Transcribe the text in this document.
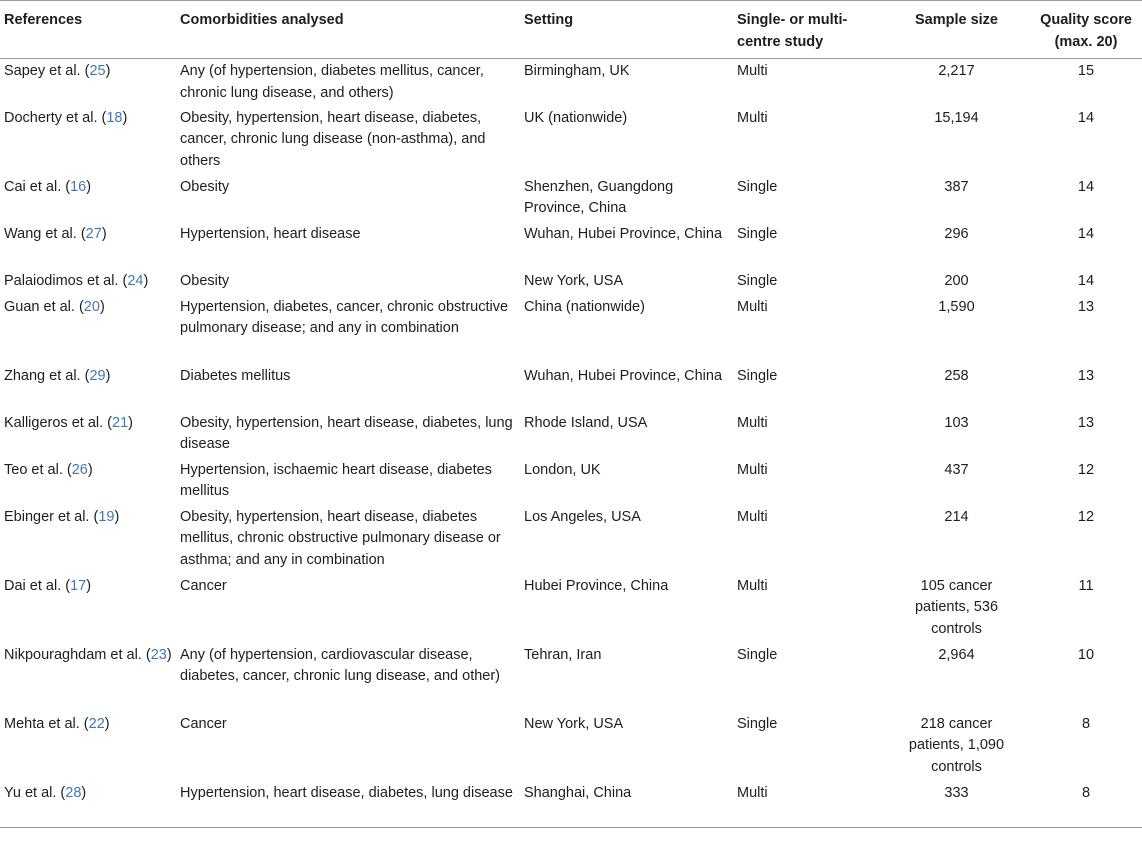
References	Comorbidities analysed	Setting	Single- or multi-centre study	Sample size	Quality score (max. 20)
Sapey et al. (25)	Any (of hypertension, diabetes mellitus, cancer, chronic lung disease, and others)	Birmingham, UK	Multi	2,217	15
Docherty et al. (18)	Obesity, hypertension, heart disease, diabetes, cancer, chronic lung disease (non-asthma), and others	UK (nationwide)	Multi	15,194	14
Cai et al. (16)	Obesity	Shenzhen, Guangdong Province, China	Single	387	14
Wang et al. (27)	Hypertension, heart disease	Wuhan, Hubei Province, China	Single	296	14
Palaiodimos et al. (24)	Obesity	New York, USA	Single	200	14
Guan et al. (20)	Hypertension, diabetes, cancer, chronic obstructive pulmonary disease; and any in combination	China (nationwide)	Multi	1,590	13
Zhang et al. (29)	Diabetes mellitus	Wuhan, Hubei Province, China	Single	258	13
Kalligeros et al. (21)	Obesity, hypertension, heart disease, diabetes, lung disease	Rhode Island, USA	Multi	103	13
Teo et al. (26)	Hypertension, ischaemic heart disease, diabetes mellitus	London, UK	Multi	437	12
Ebinger et al. (19)	Obesity, hypertension, heart disease, diabetes mellitus, chronic obstructive pulmonary disease or asthma; and any in combination	Los Angeles, USA	Multi	214	12
Dai et al. (17)	Cancer	Hubei Province, China	Multi	105 cancer patients, 536 controls	11
Nikpouraghdam et al. (23)	Any (of hypertension, cardiovascular disease, diabetes, cancer, chronic lung disease, and other)	Tehran, Iran	Single	2,964	10
Mehta et al. (22)	Cancer	New York, USA	Single	218 cancer patients, 1,090 controls	8
Yu et al. (28)	Hypertension, heart disease, diabetes, lung disease	Shanghai, China	Multi	333	8
